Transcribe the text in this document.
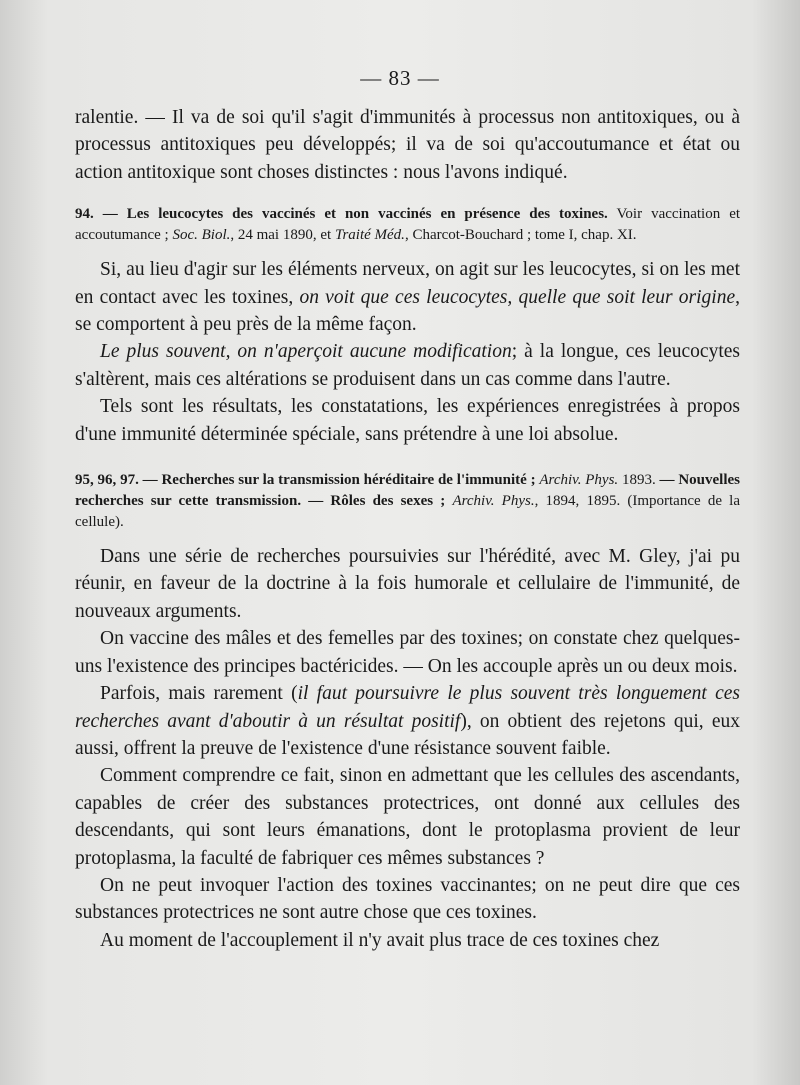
— 83 —

ralentie. — Il va de soi qu'il s'agit d'immunités à processus non antitoxiques, ou à processus antitoxiques peu développés; il va de soi qu'accoutumance et état ou action antitoxique sont choses distinctes : nous l'avons indiqué.

94. — Les leucocytes des vaccinés et non vaccinés en présence des toxines. Voir vaccination et accoutumance ; Soc. Biol., 24 mai 1890, et Traité Méd., Charcot-Bouchard ; tome I, chap. XI.

Si, au lieu d'agir sur les éléments nerveux, on agit sur les leucocytes, si on les met en contact avec les toxines, on voit que ces leucocytes, quelle que soit leur origine, se comportent à peu près de la même façon.

Le plus souvent, on n'aperçoit aucune modification; à la longue, ces leucocytes s'altèrent, mais ces altérations se produisent dans un cas comme dans l'autre.

Tels sont les résultats, les constatations, les expériences enregistrées à propos d'une immunité déterminée spéciale, sans prétendre à une loi absolue.

95, 96, 97. — Recherches sur la transmission héréditaire de l'immunité ; Archiv. Phys. 1893. — Nouvelles recherches sur cette transmission. — Rôles des sexes ; Archiv. Phys., 1894, 1895. (Importance de la cellule).

Dans une série de recherches poursuivies sur l'hérédité, avec M. Gley, j'ai pu réunir, en faveur de la doctrine à la fois humorale et cellulaire de l'immunité, de nouveaux arguments.

On vaccine des mâles et des femelles par des toxines; on constate chez quelques-uns l'existence des principes bactéricides. — On les accouple après un ou deux mois.

Parfois, mais rarement (il faut poursuivre le plus souvent très longuement ces recherches avant d'aboutir à un résultat positif), on obtient des rejetons qui, eux aussi, offrent la preuve de l'existence d'une résistance souvent faible.

Comment comprendre ce fait, sinon en admettant que les cellules des ascendants, capables de créer des substances protectrices, ont donné aux cellules des descendants, qui sont leurs émanations, dont le protoplasma provient de leur protoplasma, la faculté de fabriquer ces mêmes substances ?

On ne peut invoquer l'action des toxines vaccinantes; on ne peut dire que ces substances protectrices ne sont autre chose que ces toxines.

Au moment de l'accouplement il n'y avait plus trace de ces toxines chez
